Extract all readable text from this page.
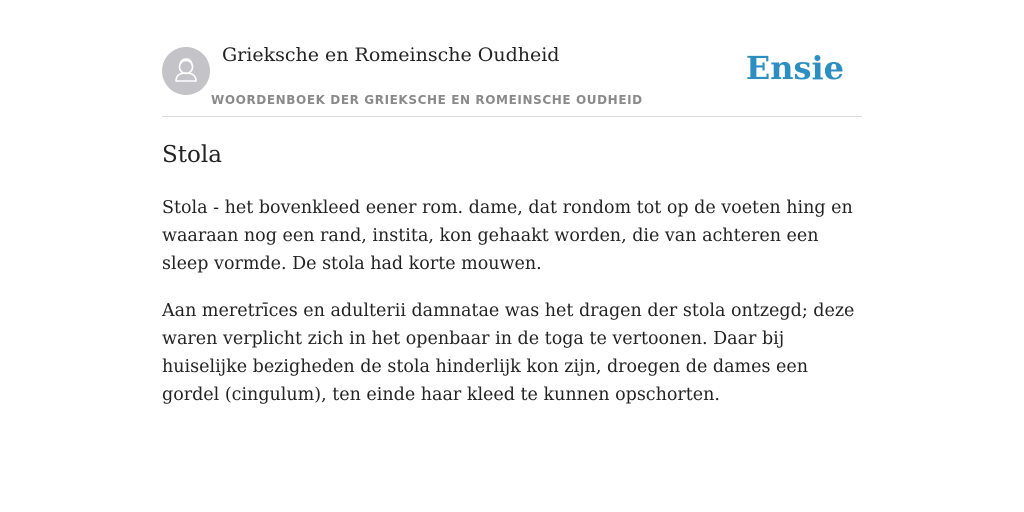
Grieksche en Romeinsche Oudheid
WOORDENBOEK DER GRIEKSCHE EN ROMEINSCHE OUDHEID
Ensie
Stola

Stola - het bovenkleed eener rom. dame, dat rondom tot op de voeten hing en waaraan nog een rand, instita, kon gehaakt worden, die van achteren een sleep vormde. De stola had korte mouwen.

Aan meretrīces en adulterii damnatae was het dragen der stola ontzegd; deze waren verplicht zich in het openbaar in de toga te vertoonen. Daar bij huiselijke bezigheden de stola hinderlijk kon zijn, droegen de dames een gordel (cingulum), ten einde haar kleed te kunnen opschorten.
